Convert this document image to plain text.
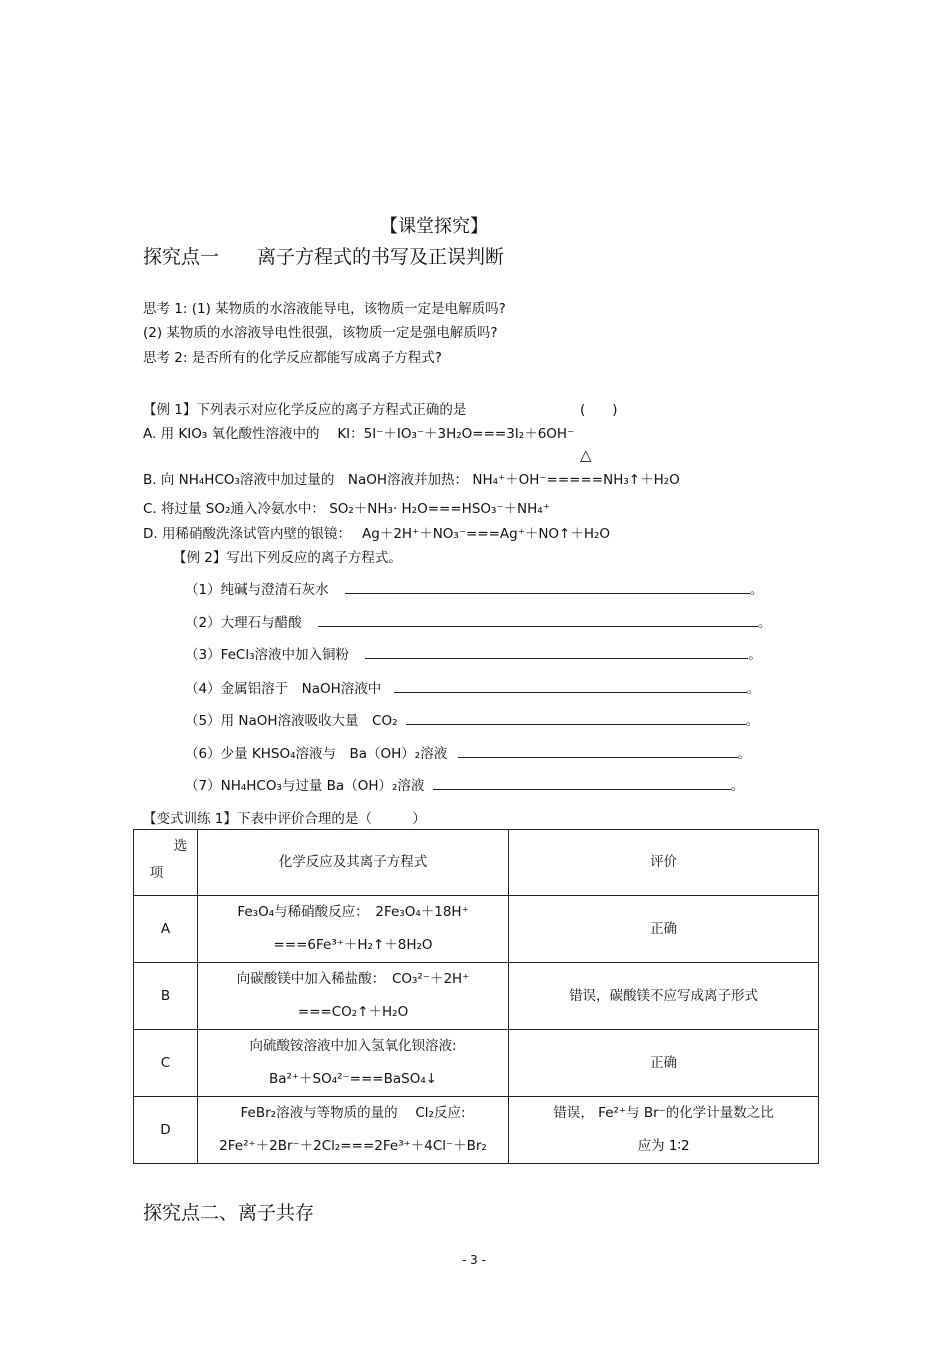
【课堂探究】
探究点一　　离子方程式的书写及正误判断
思考 1: (1) 某物质的水溶液能导电，该物质一定是电解质吗?
(2) 某物质的水溶液导电性很强，该物质一定是强电解质吗?
思考 2: 是否所有的化学反应都能写成离子方程式?
【例 1】下列表示对应化学反应的离子方程式正确的是	(　　)
A. 用 KIO₃ 氧化酸性溶液中的　 KI：5I⁻＋IO₃⁻＋3H₂O===3I₂＋6OH⁻
△
B. 向 NH₄HCO₃溶液中加过量的　NaOH溶液并加热： NH₄⁺＋OH⁻=====NH₃↑＋H₂O
C. 将过量 SO₂通入冷氨水中： SO₂＋NH₃· H₂O===HSO₃⁻＋NH₄⁺
D. 用稀硝酸洗涤试管内壁的银镜：　 Ag＋2H⁺＋NO₃⁻===Ag⁺＋NO↑＋H₂O
【例 2】写出下列反应的离子方程式。
（1）纯碱与澄清石灰水	。
（2）大理石与醋酸	。
（3）FeCl₃溶液中加入铜粉	。
（4）金属铝溶于　NaOH溶液中	。
（5）用 NaOH溶液吸收大量　CO₂	。
（6）少量 KHSO₄溶液与　Ba（OH）₂溶液	。
（7）NH₄HCO₃与过量 Ba（OH）₂溶液	。
【变式训练 1】下表中评价合理的是（　　　）
选
项	化学反应及其离子方程式	评价
A	Fe₃O₄与稀硝酸反应：　2Fe₃O₄＋18H⁺
===6Fe³⁺＋H₂↑＋8H₂O	正确
B	向碳酸镁中加入稀盐酸：　CO₃²⁻＋2H⁺
===CO₂↑＋H₂O	错误，碳酸镁不应写成离子形式
C	向硫酸铵溶液中加入氢氧化钡溶液:
Ba²⁺＋SO₄²⁻===BaSO₄↓	正确
D	FeBr₂溶液与等物质的量的　 Cl₂反应:
2Fe²⁺＋2Br⁻＋2Cl₂===2Fe³⁺＋4Cl⁻＋Br₂	错误， Fe²⁺与 Br⁻的化学计量数之比
应为 1∶2
探究点二、离子共存
- 3 -
